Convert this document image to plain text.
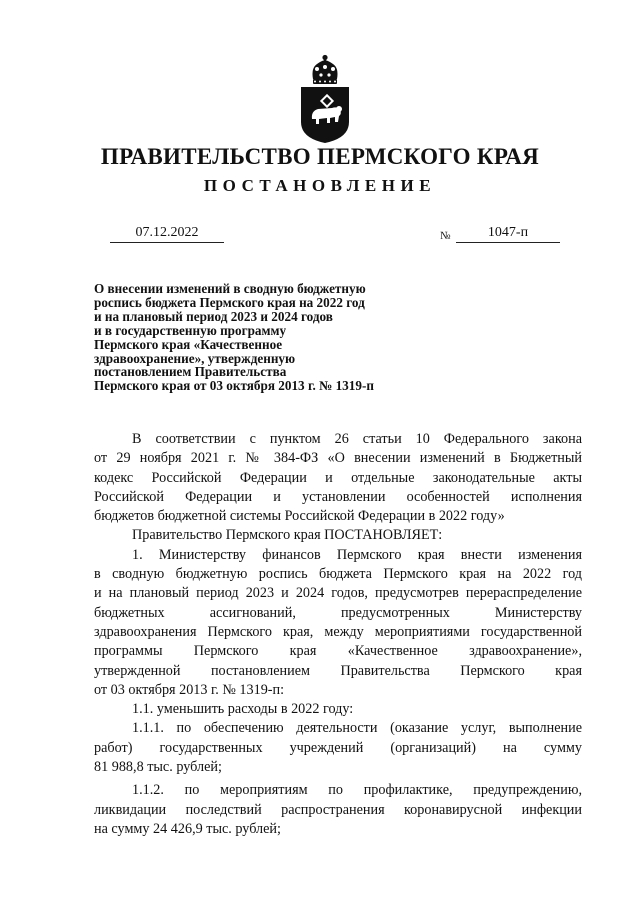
ПРАВИТЕЛЬСТВО ПЕРМСКОГО КРАЯ
ПОСТАНОВЛЕНИЕ
07.12.2022	№	1047-п
О внесении изменений в сводную бюджетную
роспись бюджета Пермского края на 2022 год
и на плановый период 2023 и 2024 годов
и в государственную программу
Пермского края «Качественное
здравоохранение», утвержденную
постановлением Правительства
Пермского края от 03 октября 2013 г. № 1319-п

В соответствии с пунктом 26 статьи 10 Федерального закона

от 29 ноября 2021 г. № 384-ФЗ «О внесении изменений в Бюджетный

кодекс Российской Федерации и отдельные законодательные акты

Российской Федерации и установлении особенностей исполнения

бюджетов бюджетной системы Российской Федерации в 2022 году»

Правительство Пермского края ПОСТАНОВЛЯЕТ:

1. Министерству финансов Пермского края внести изменения

в сводную бюджетную роспись бюджета Пермского края на 2022 год

и на плановый период 2023 и 2024 годов, предусмотрев перераспределение

бюджетных ассигнований, предусмотренных Министерству

здравоохранения Пермского края, между мероприятиями государственной

программы Пермского края «Качественное здравоохранение»,

утвержденной постановлением Правительства Пермского края

от 03 октября 2013 г. № 1319-п:

1.1. уменьшить расходы в 2022 году:

1.1.1. по обеспечению деятельности (оказание услуг, выполнение

работ) государственных учреждений (организаций) на сумму

81 988,8 тыс. рублей;

1.1.2. по мероприятиям по профилактике, предупреждению,

ликвидации последствий распространения коронавирусной инфекции

на сумму 24 426,9 тыс. рублей;
